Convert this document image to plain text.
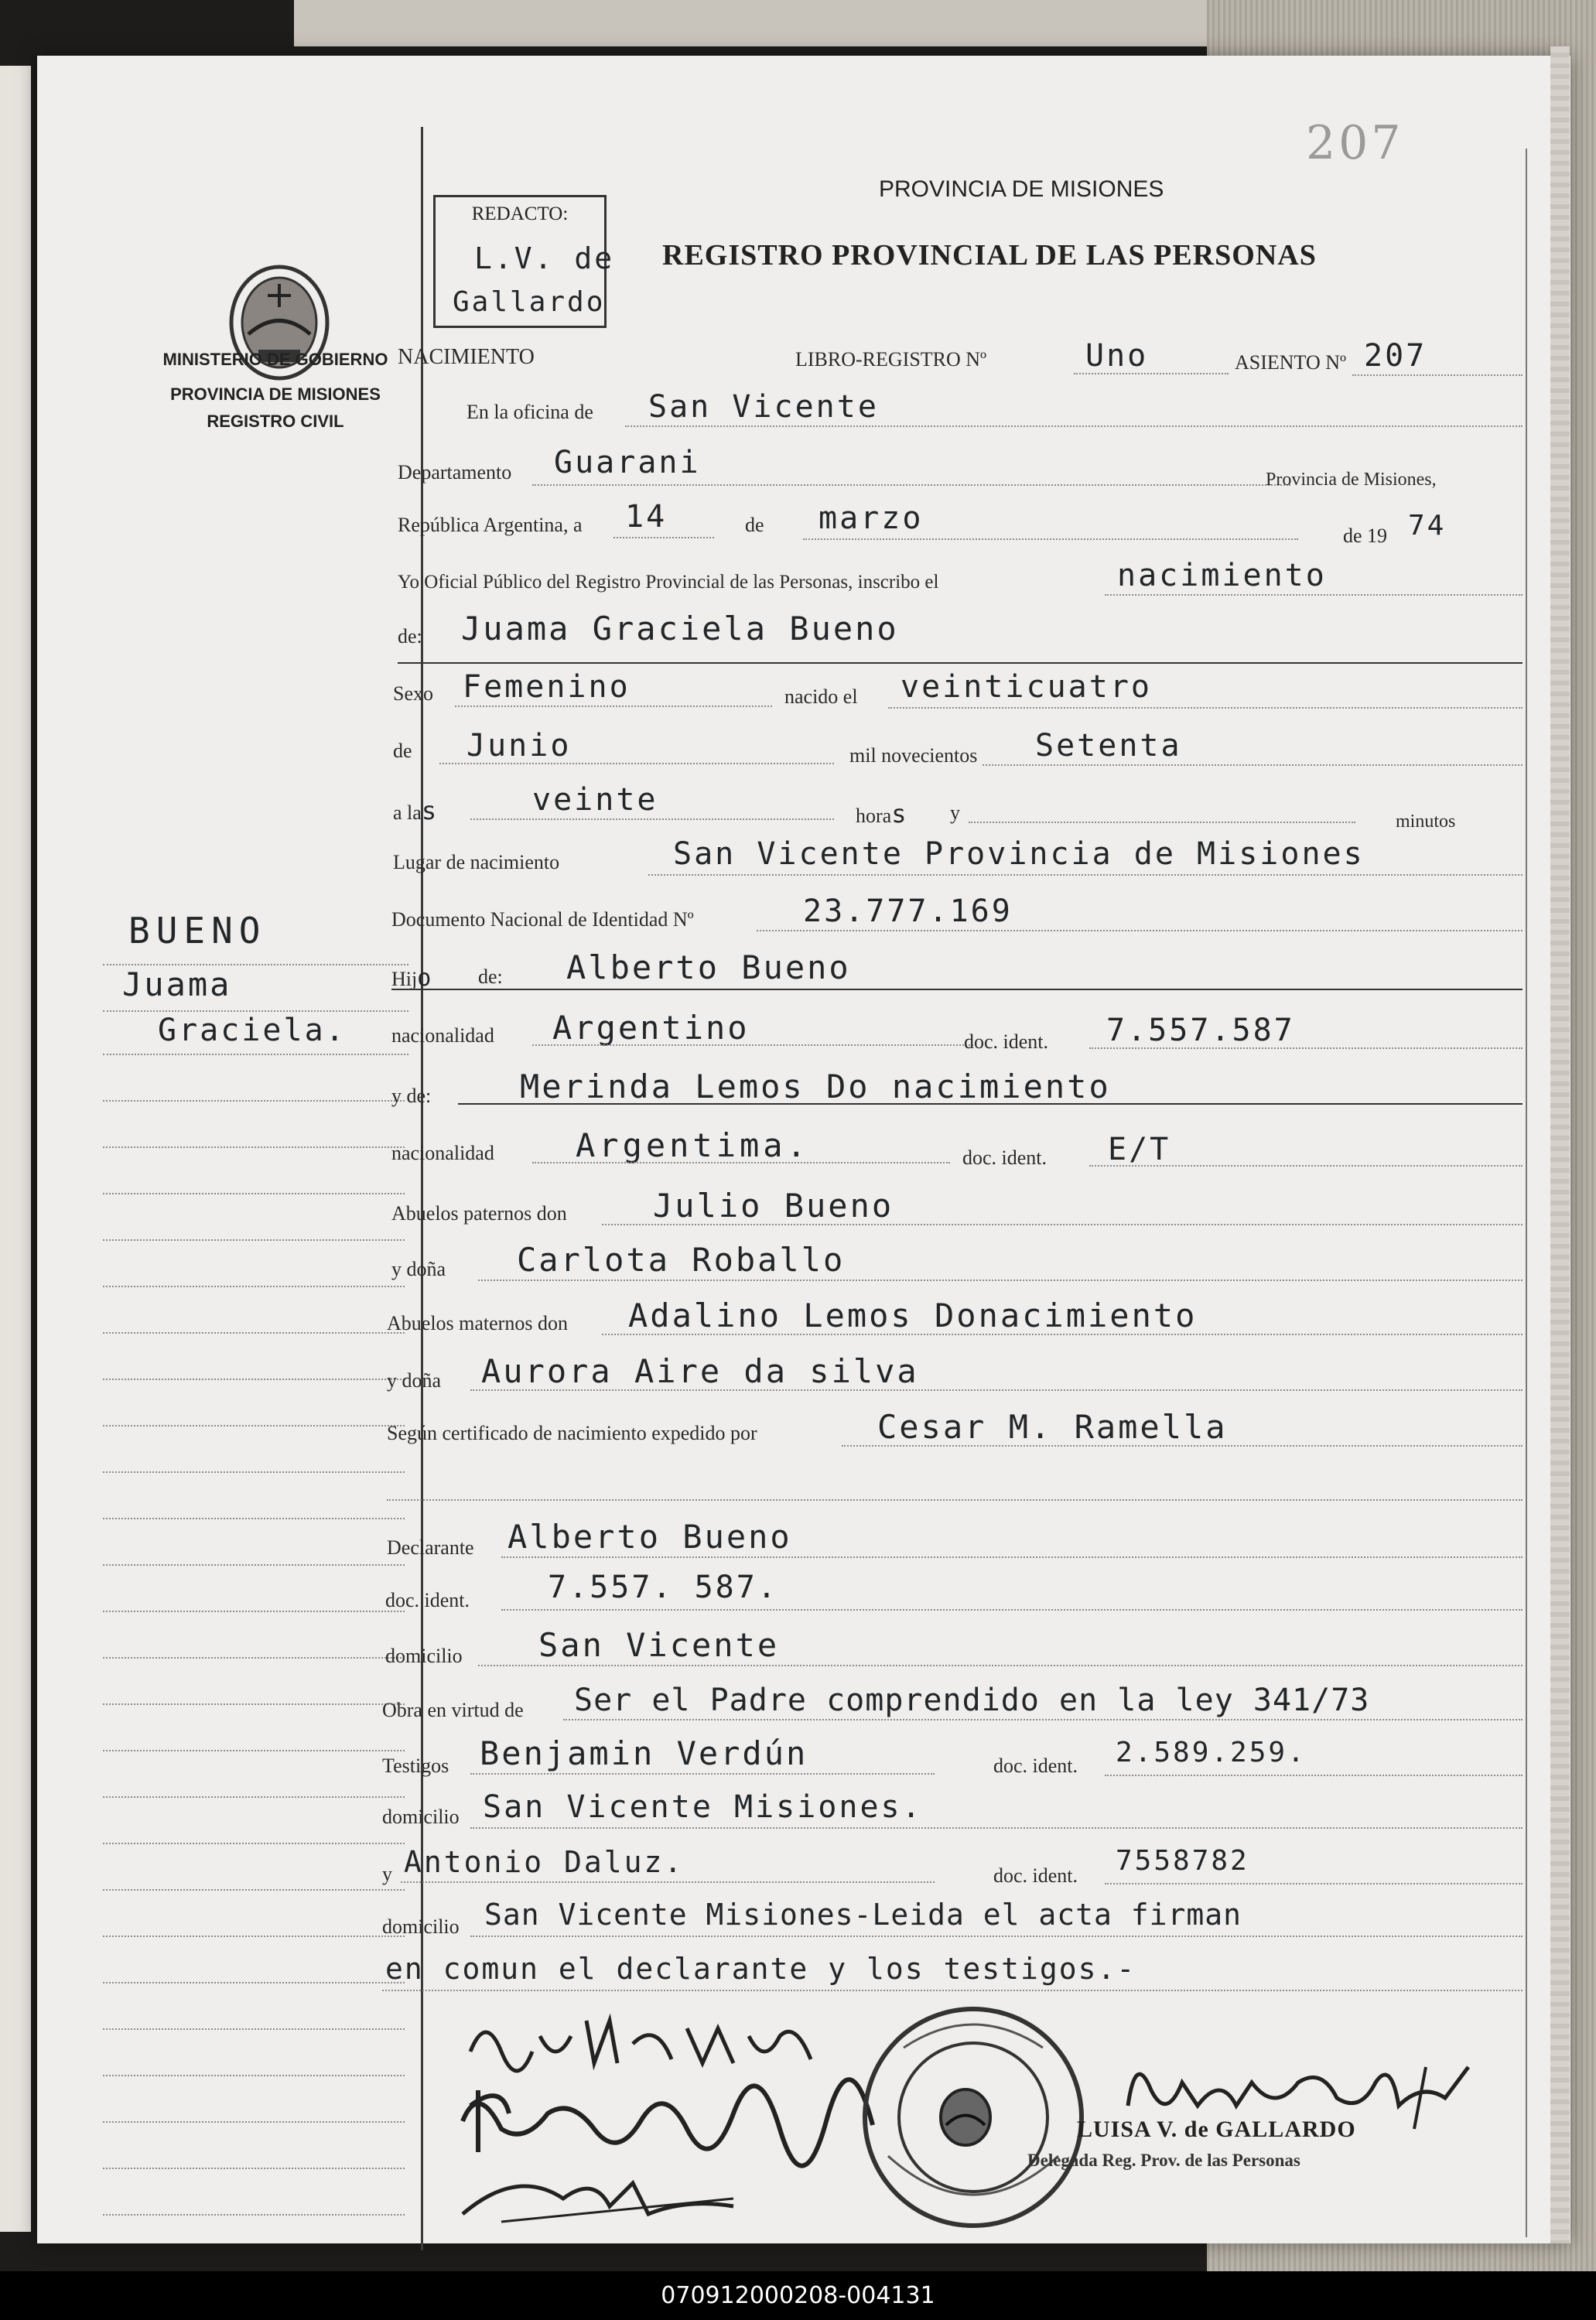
207
PROVINCIA DE MISIONES
REGISTRO PROVINCIAL DE LAS PERSONAS
REDACTO:
L.V. de
Gallardo
MINISTERIO DE GOBIERNO
PROVINCIA DE MISIONES
REGISTRO CIVIL
BUENO
Juama
Graciela.
NACIMIENTO	LIBRO-REGISTRO Nº	Uno	ASIENTO Nº 207
En la oficina de San Vicente
Departamento Guarani	Provincia de Misiones,
República Argentina, a 14	de marzo	de 19 74
Yo Oficial Público del Registro Provincial de las Personas, inscribo el	nacimiento
de: Juama Graciela Bueno
Sexo Femenino	nacido el veinticuatro
de Junio	mil novecientos Setenta
a las	veinte	horas y	minutos
Lugar de nacimiento	San Vicente Provincia de Misiones
Documento Nacional de Identidad Nº	23.777.169
Hijo de: Alberto Bueno
nacionalidad Argentino	doc. ident. 7.557.587
y de:	Merinda Lemos Do nacimiento
nacionalidad	Argentima.	doc. ident. E/T
Abuelos paternos don	Julio Bueno
y doña Carlota Roballo
Abuelos maternos don Adalino Lemos Donacimiento
y doña Aurora Aire da silva
Según certificado de nacimiento expedido por	Cesar M. Ramella
Declarante Alberto Bueno
doc. ident.	7.557. 587.
domicilio San Vicente
Obra en virtud de Ser el Padre comprendido en la ley 341/73
Testigos Benjamin Verdún	doc. ident. 2.589.259.
domicilio San Vicente Misiones.
y Antonio Daluz.	doc. ident. 7558782
domicilio San Vicente Misiones-Leida el acta firman
en comun el declarante y los testigos.-
LUISA V. de GALLARDO
Delegada Reg. Prov. de las Personas
070912000208-004131
